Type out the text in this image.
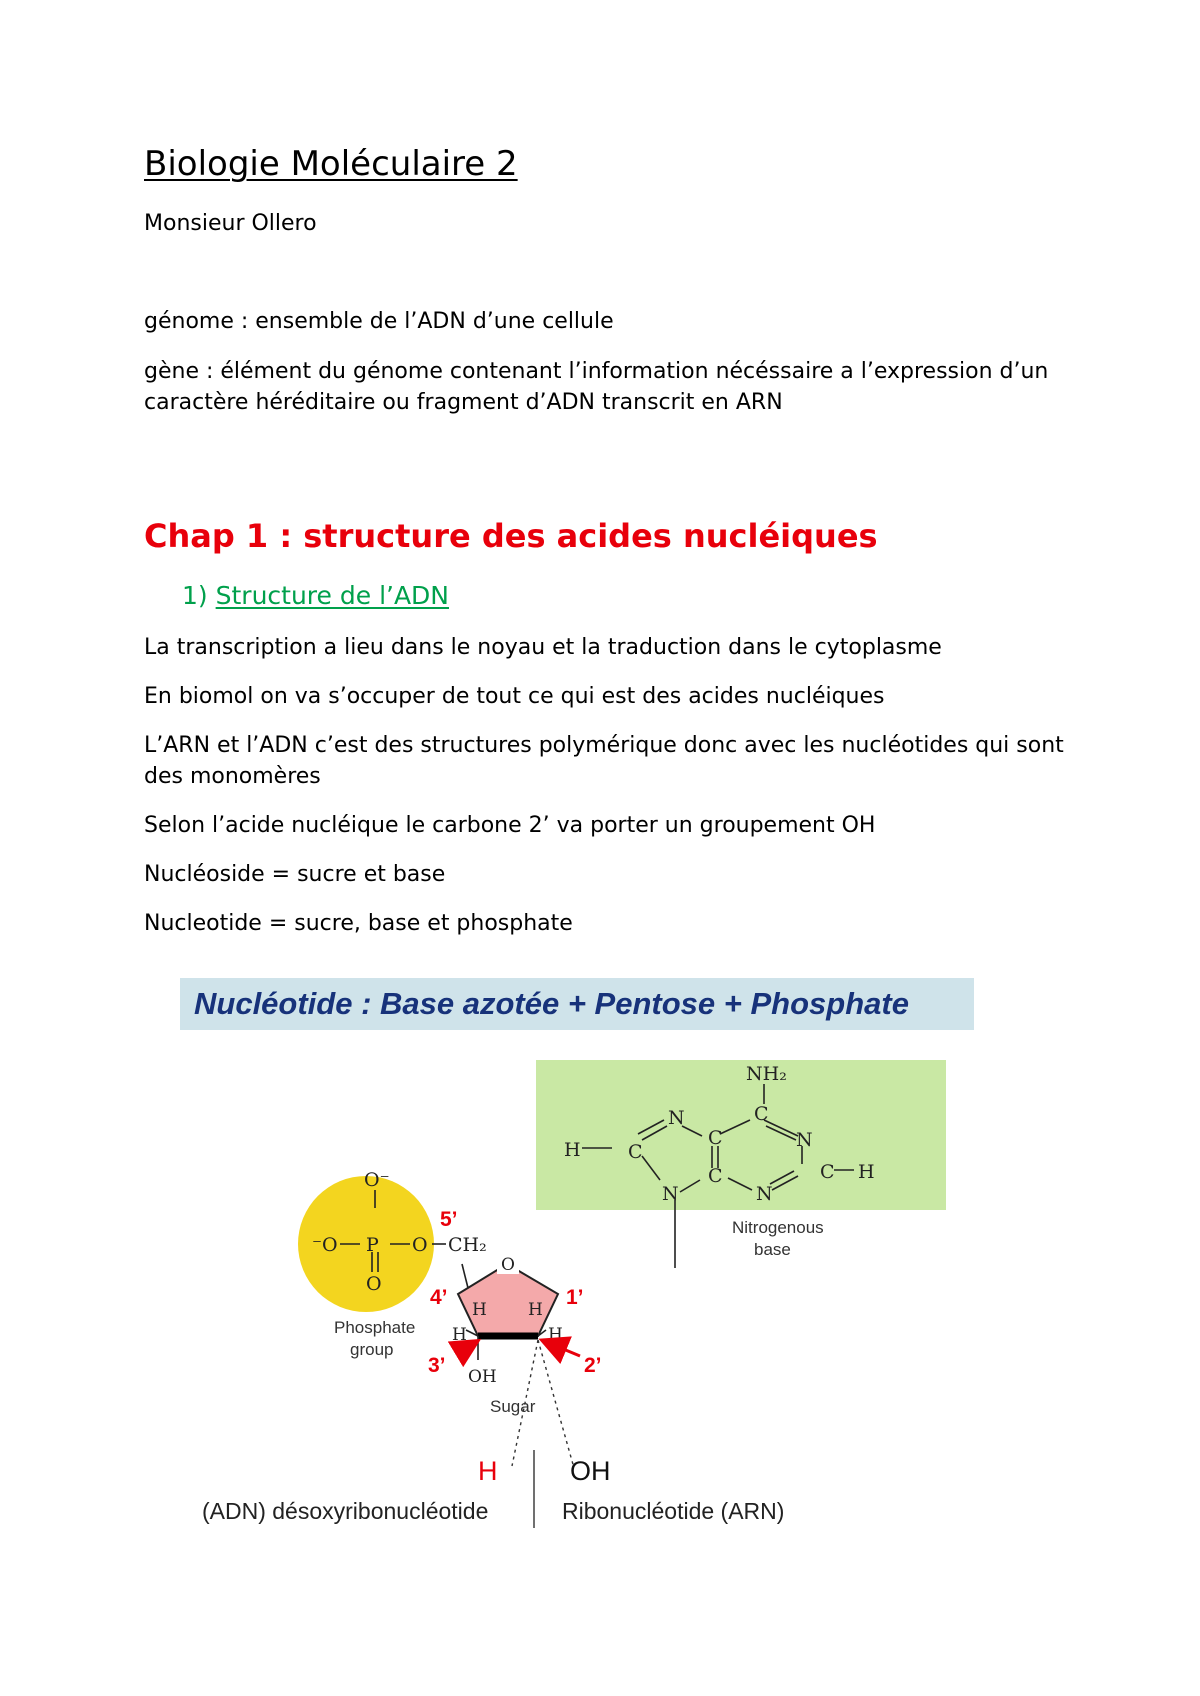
Biologie Moléculaire 2
Monsieur Ollero
génome : ensemble de l’ADN d’une cellule
gène : élément du génome contenant l’information nécéssaire a l’expression d’un caractère héréditaire ou fragment d’ADN transcrit en ARN
Chap 1 : structure des acides nucléiques
1) Structure de l’ADN
La transcription a lieu dans le noyau et la traduction dans le cytoplasme
En biomol on va s’occuper de tout ce qui est des acides nucléiques
L’ARN et l’ADN c’est des structures polymérique donc avec les nucléotides qui sont des monomères
Selon l’acide nucléique le carbone 2’ va porter un groupement OH
Nucléoside = sucre et base
Nucleotide = sucre, base et phosphate
Nucléotide : Base azotée + Pentose + Phosphate
NH₂
C
N
C
N
C
C
N
C
N
H
H
Nitrogenous
base
O⁻
P
O
⁻O	O CH₂
Phosphate
group
O
H H
H	H
OH
Sugar
5’
4’
3’	2’
1’
H	OH
(ADN) désoxyribonucléotide	Ribonucléotide (ARN)
